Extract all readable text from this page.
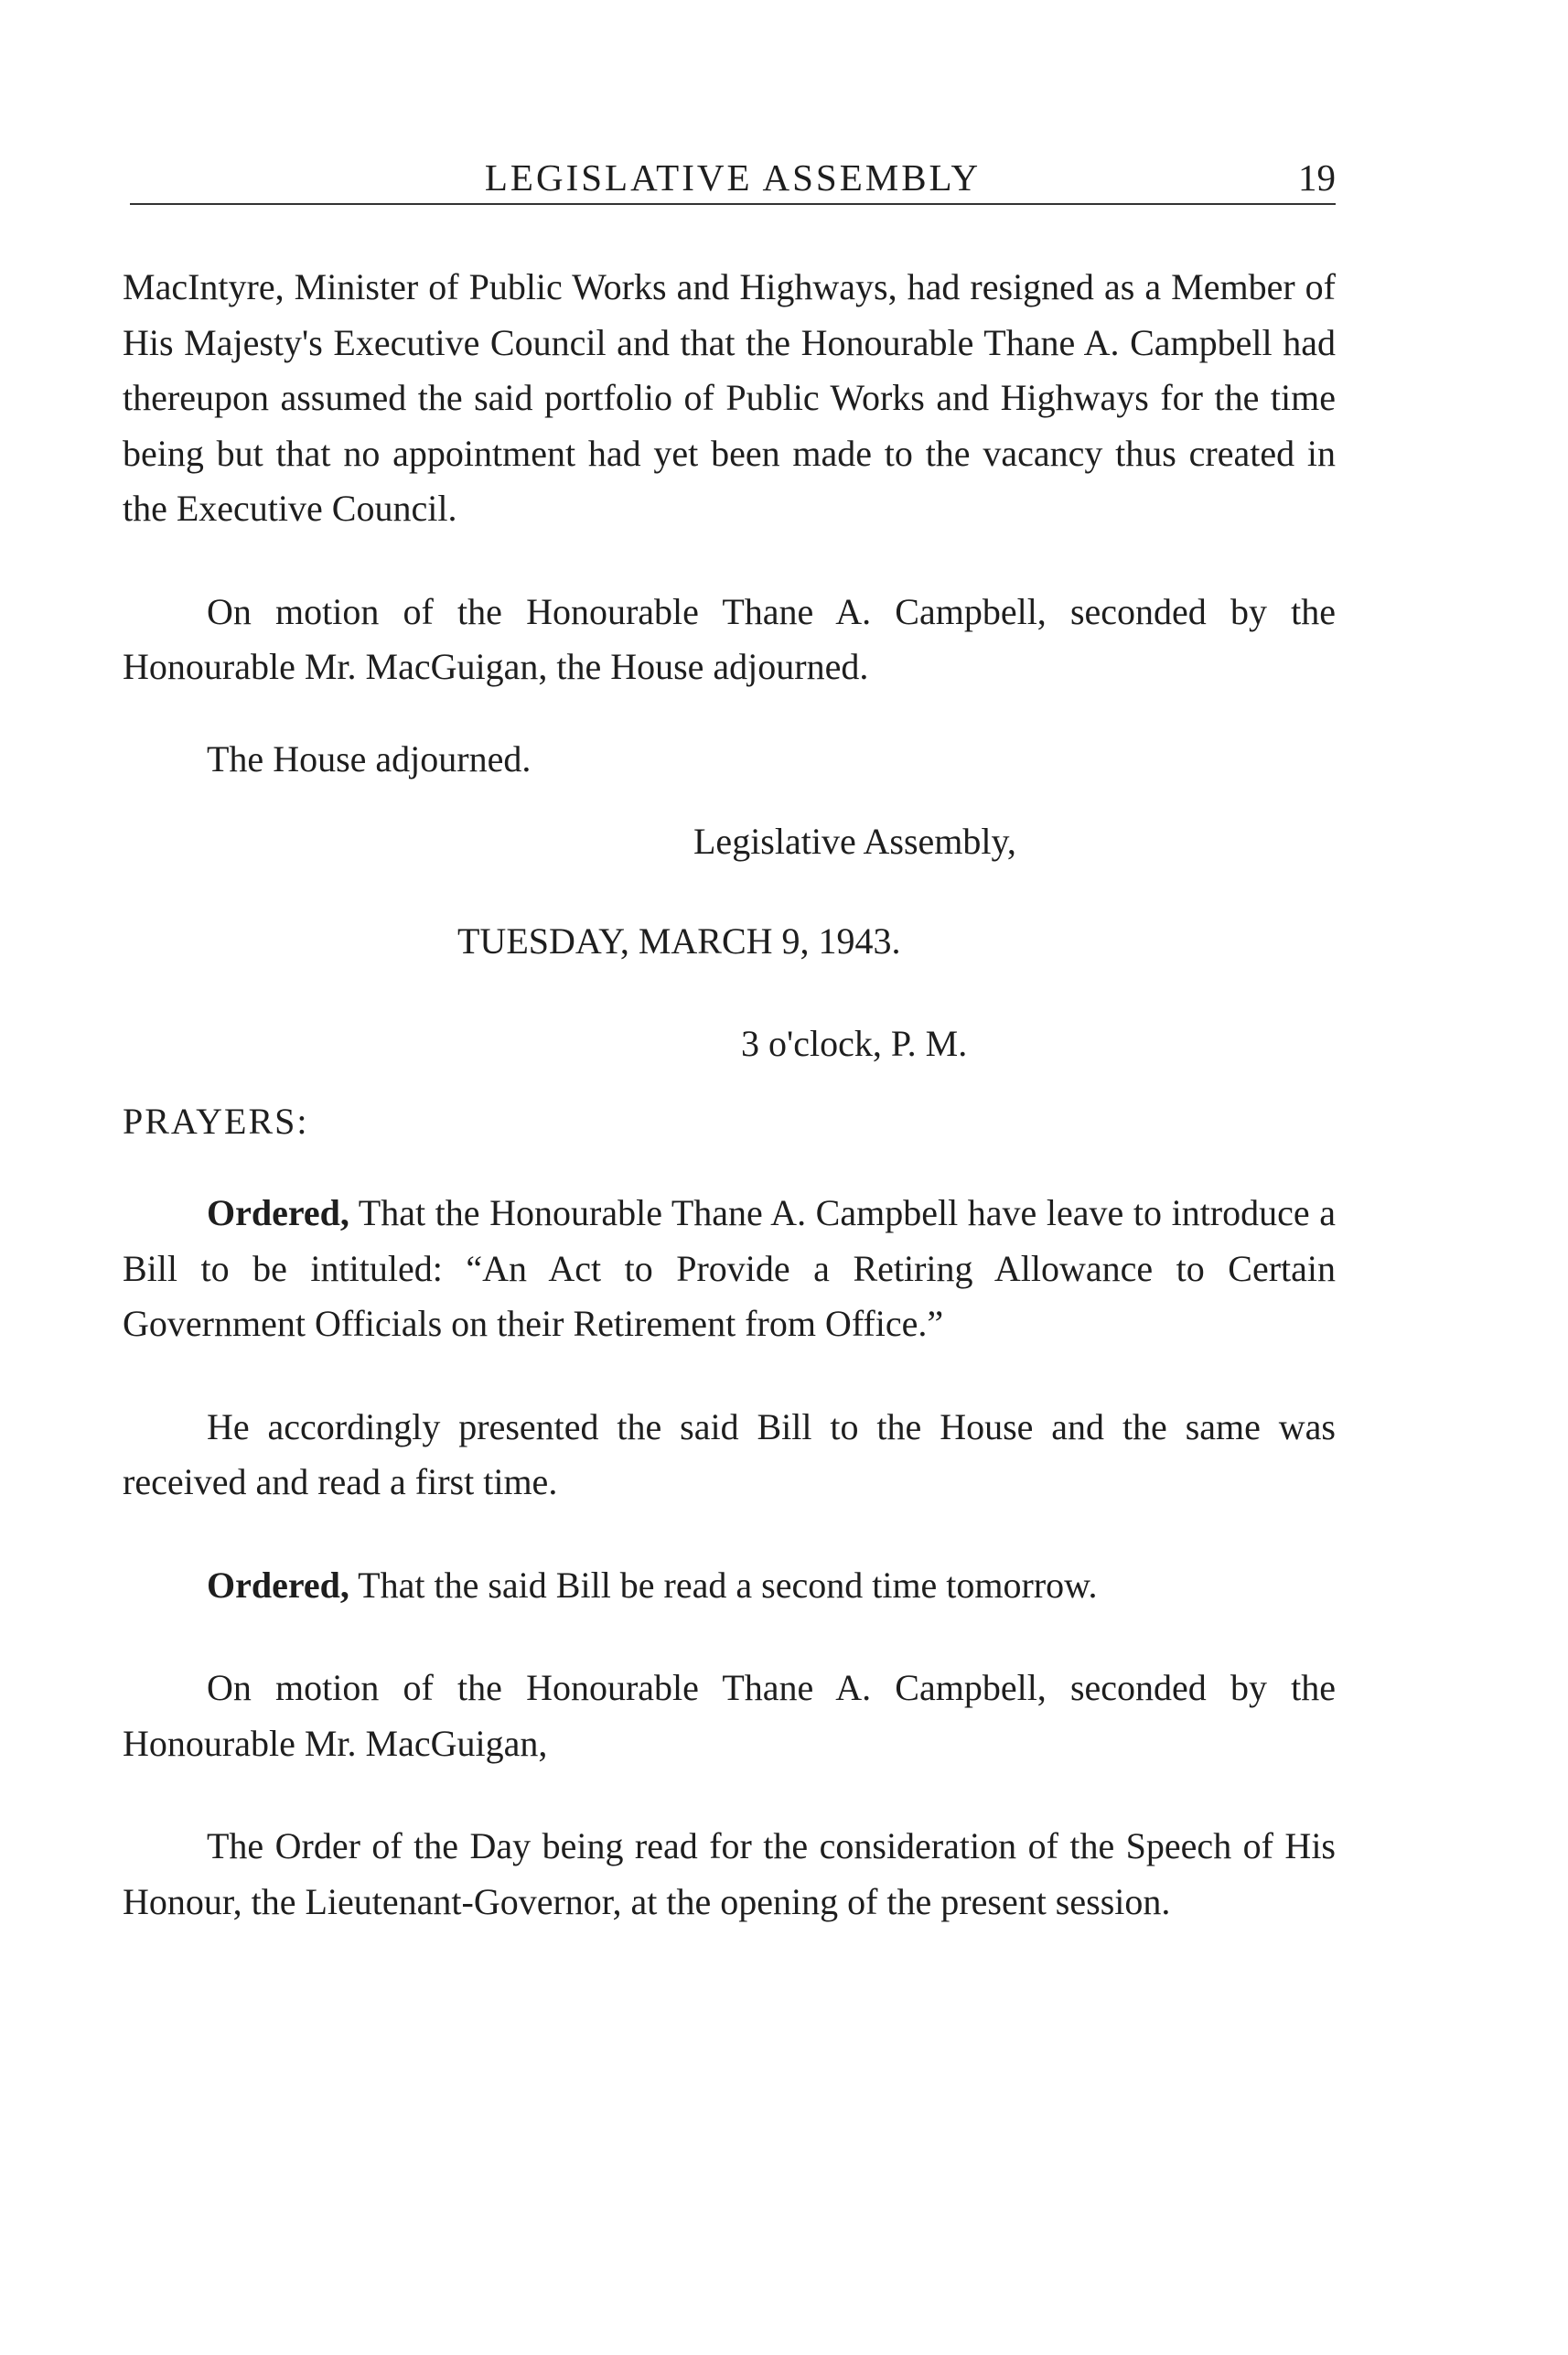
LEGISLATIVE ASSEMBLY	19

MacIntyre, Minister of Public Works and Highways, had resigned as a Member of His Majesty's Executive Council and that the Honourable Thane A. Campbell had thereupon assumed the said portfolio of Public Works and Highways for the time being but that no appointment had yet been made to the vacancy thus created in the Executive Council.

On motion of the Honourable Thane A. Campbell, seconded by the Honourable Mr. MacGuigan, the House adjourned.

The House adjourned.

Legislative Assembly,

TUESDAY, MARCH 9, 1943.

3 o'clock, P. M.

PRAYERS:

Ordered, That the Honourable Thane A. Campbell have leave to introduce a Bill to be intituled: “An Act to Provide a Retiring Allowance to Certain Government Officials on their Retirement from Office.”

He accordingly presented the said Bill to the House and the same was received and read a first time.

Ordered, That the said Bill be read a second time tomorrow.

On motion of the Honourable Thane A. Campbell, seconded by the Honourable Mr. MacGuigan,

The Order of the Day being read for the consideration of the Speech of His Honour, the Lieutenant-Governor, at the opening of the present session.
